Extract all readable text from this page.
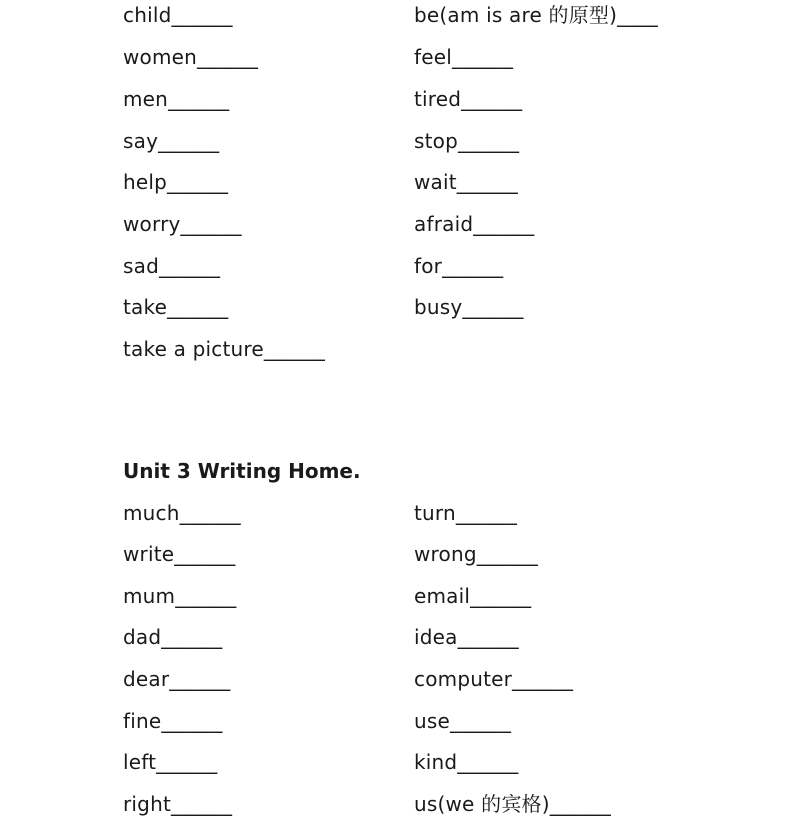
child______
women______
men______
say______
help______
worry______
sad______
take______
take a picture______
be(am is are 的原型)____
feel______
tired______
stop______
wait______
afraid______
for______
busy______
Unit 3 Writing Home.
much______
write______
mum______
dad______
dear______
fine______
left______
right______
turn______
wrong______
email______
idea______
computer______
use______
kind______
us(we 的宾格)______
